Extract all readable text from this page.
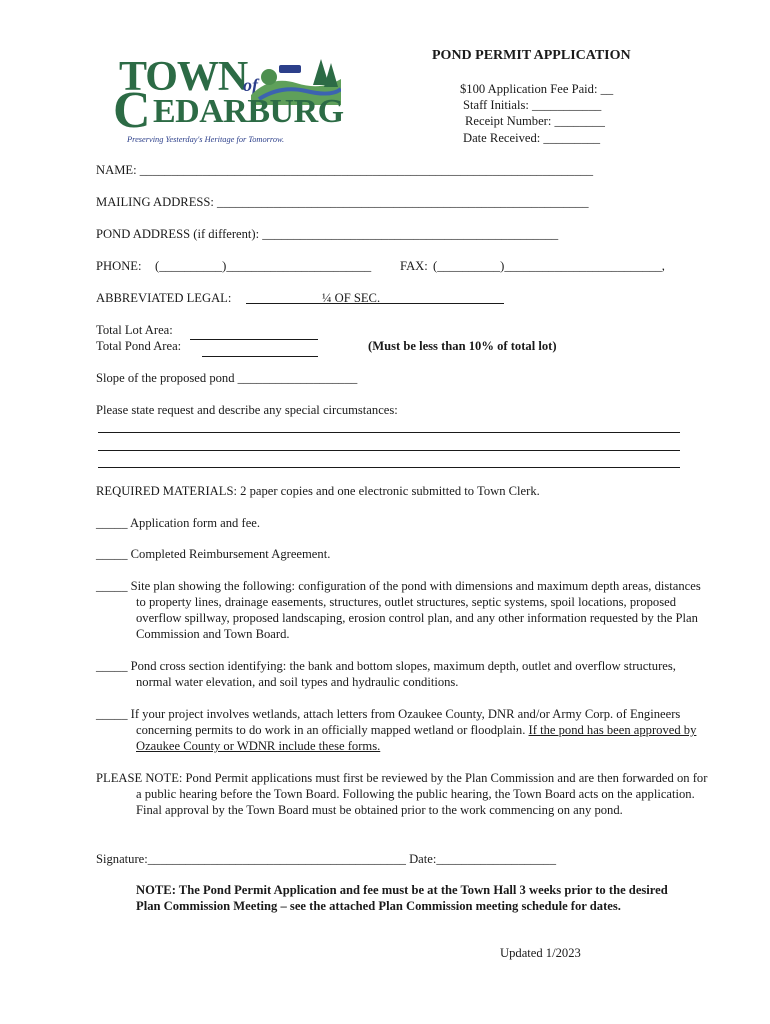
TOWN
of
C EDARBURG
Preserving Yesterday's Heritage for Tomorrow.
POND PERMIT APPLICATION
$100 Application Fee Paid: __
Staff Initials: ___________
Receipt Number: ________
Date Received: _________
NAME: ________________________________________________________________________
MAILING ADDRESS: ___________________________________________________________
POND ADDRESS (if different): _______________________________________________
PHONE: (__________)_______________________ FAX: (__________)_________________________,
ABBREVIATED LEGAL:	¼ OF SEC.
Total Lot Area:
Total Pond Area:	(Must be less than 10% of total lot)
Slope of the proposed pond ___________________
Please state request and describe any special circumstances:
REQUIRED MATERIALS: 2 paper copies and one electronic submitted to Town Clerk.
_____ Application form and fee.
_____ Completed Reimbursement Agreement.
_____ Site plan showing the following: configuration of the pond with dimensions and maximum depth areas, distances to property lines, drainage easements, structures, outlet structures, septic systems, spoil locations, proposed overflow spillway, proposed landscaping, erosion control plan, and any other information requested by the Plan Commission and Town Board.
_____ Pond cross section identifying: the bank and bottom slopes, maximum depth, outlet and overflow structures, normal water elevation, and soil types and hydraulic conditions.
_____ If your project involves wetlands, attach letters from Ozaukee County, DNR and/or Army Corp. of Engineers concerning permits to do work in an officially mapped wetland or floodplain. If the pond has been approved by Ozaukee County or WDNR include these forms.
PLEASE NOTE: Pond Permit applications must first be reviewed by the Plan Commission and are then forwarded on for a public hearing before the Town Board. Following the public hearing, the Town Board acts on the application. Final approval by the Town Board must be obtained prior to the work commencing on any pond.
Signature:_________________________________________ Date:___________________
NOTE: The Pond Permit Application and fee must be at the Town Hall 3 weeks prior to the desired Plan Commission Meeting – see the attached Plan Commission meeting schedule for dates.
Updated 1/2023
